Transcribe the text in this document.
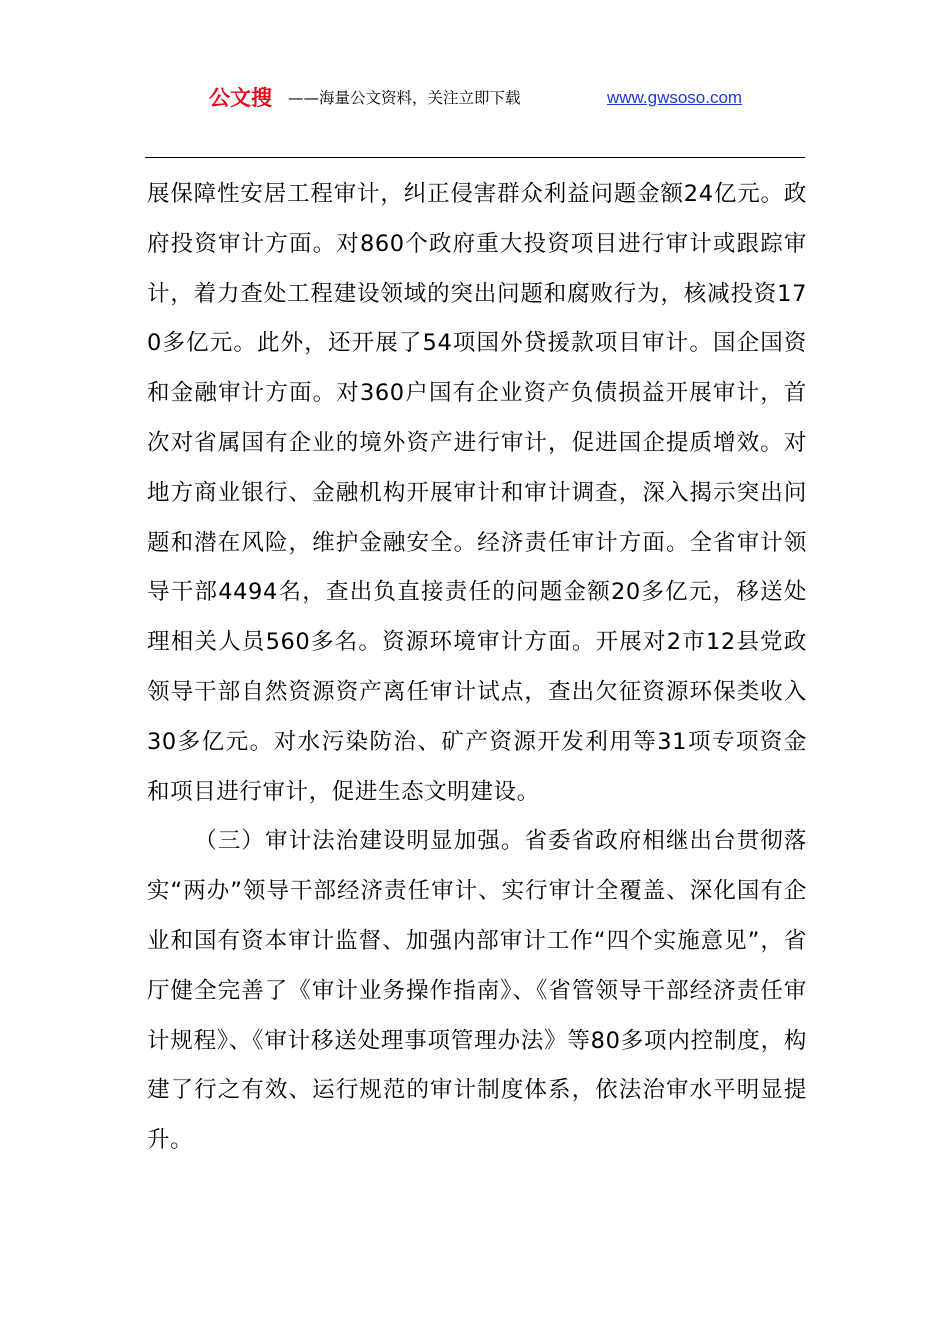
公文搜 ——海量公文资料，关注立即下载	www.gwsoso.com

展保障性安居工程审计，纠正侵害群众利益问题金额24亿元。政府投资审计方面。对860个政府重大投资项目进行审计或跟踪审计，着力查处工程建设领域的突出问题和腐败行为，核减投资170多亿元。此外，还开展了54项国外贷援款项目审计。国企国资和金融审计方面。对360户国有企业资产负债损益开展审计，首次对省属国有企业的境外资产进行审计，促进国企提质增效。对地方商业银行、金融机构开展审计和审计调查，深入揭示突出问题和潜在风险，维护金融安全。经济责任审计方面。全省审计领导干部4494名，查出负直接责任的问题金额20多亿元，移送处理相关人员560多名。资源环境审计方面。开展对2市12县党政领导干部自然资源资产离任审计试点，查出欠征资源环保类收入30多亿元。对水污染防治、矿产资源开发利用等31项专项资金和项目进行审计，促进生态文明建设。

（三）审计法治建设明显加强。省委省政府相继出台贯彻落实“两办”领导干部经济责任审计、实行审计全覆盖、深化国有企业和国有资本审计监督、加强内部审计工作“四个实施意见”，省厅健全完善了《审计业务操作指南》、《省管领导干部经济责任审计规程》、《审计移送处理事项管理办法》等80多项内控制度，构建了行之有效、运行规范的审计制度体系，依法治审水平明显提升。
